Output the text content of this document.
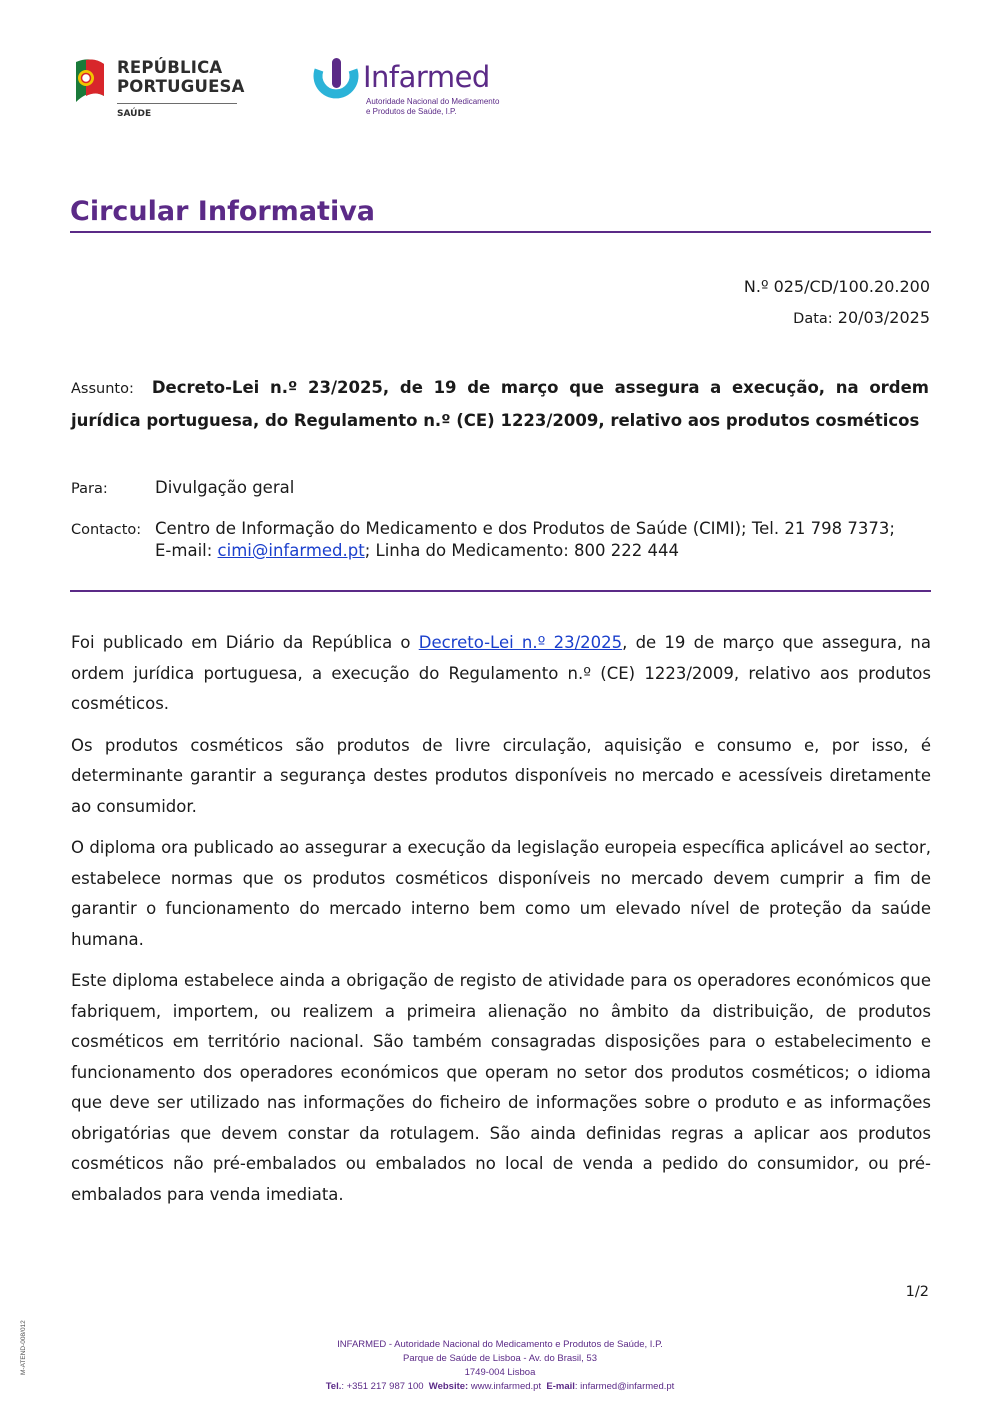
REPÚBLICA
PORTUGUESA
SAÚDE
Infarmed
Autoridade Nacional do Medicamento
e Produtos de Saúde, I.P.
Circular Informativa
N.º 025/CD/100.20.200
Data: 20/03/2025
Assunto: Decreto-Lei n.º 23/2025, de 19 de março que assegura a execução, na ordem jurídica portuguesa, do Regulamento n.º (CE) 1223/2009, relativo aos produtos cosméticos
Para:	Divulgação geral
Contacto: Centro de Informação do Medicamento e dos Produtos de Saúde (CIMI); Tel. 21 798 7373;
E-mail: cimi@infarmed.pt; Linha do Medicamento: 800 222 444

Foi publicado em Diário da República o Decreto-Lei n.º 23/2025, de 19 de março que assegura, na ordem jurídica portuguesa, a execução do Regulamento n.º (CE) 1223/2009, relativo aos produtos cosméticos.

Os produtos cosméticos são produtos de livre circulação, aquisição e consumo e, por isso, é determinante garantir a segurança destes produtos disponíveis no mercado e acessíveis diretamente ao consumidor.

O diploma ora publicado ao assegurar a execução da legislação europeia específica aplicável ao sector, estabelece normas que os produtos cosméticos disponíveis no mercado devem cumprir a fim de garantir o funcionamento do mercado interno bem como um elevado nível de proteção da saúde humana.

Este diploma estabelece ainda a obrigação de registo de atividade para os operadores económicos que fabriquem, importem, ou realizem a primeira alienação no âmbito da distribuição, de produtos cosméticos em território nacional. São também consagradas disposições para o estabelecimento e funcionamento dos operadores económicos que operam no setor dos produtos cosméticos; o idioma que deve ser utilizado nas informações do ficheiro de informações sobre o produto e as informações obrigatórias que devem constar da rotulagem. São ainda definidas regras a aplicar aos produtos cosméticos não pré-embalados ou embalados no local de venda a pedido do consumidor, ou pré-embalados para venda imediata.

1/2
INFARMED - Autoridade Nacional do Medicamento e Produtos de Saúde, I.P.
Parque de Saúde de Lisboa - Av. do Brasil, 53
1749-004 Lisboa
Tel.: +351 217 987 100 Website: www.infarmed.pt E-mail: infarmed@infarmed.pt
M-ATEND-008/012
